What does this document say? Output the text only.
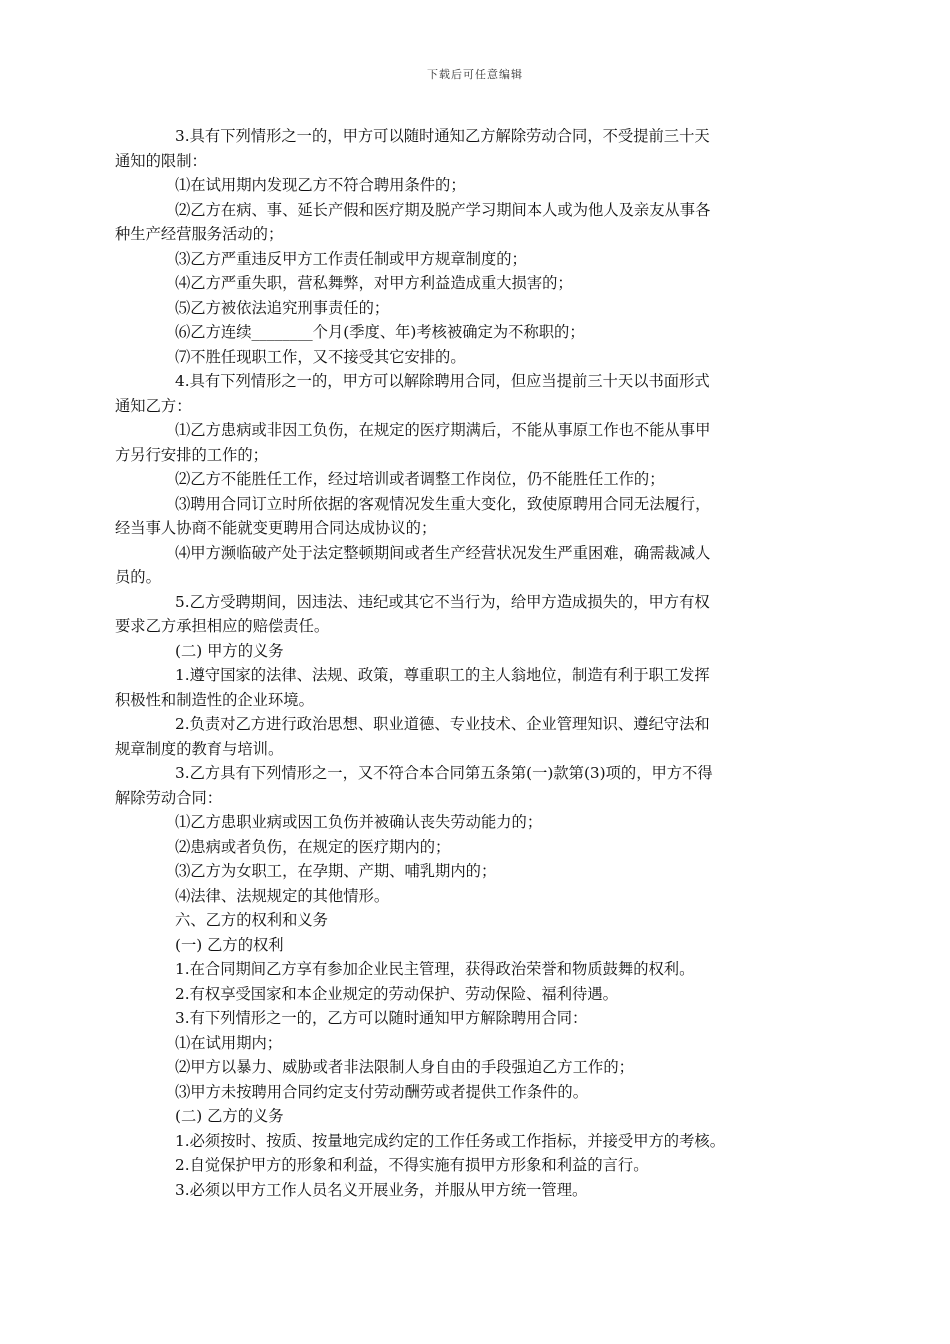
下载后可任意编辑

3.具有下列情形之一的，甲方可以随时通知乙方解除劳动合同，不受提前三十天
通知的限制：

⑴在试用期内发现乙方不符合聘用条件的；

⑵乙方在病、事、延长产假和医疗期及脱产学习期间本人或为他人及亲友从事各
种生产经营服务活动的；

⑶乙方严重违反甲方工作责任制或甲方规章制度的；

⑷乙方严重失职，营私舞弊，对甲方利益造成重大损害的；

⑸乙方被依法追究刑事责任的；

⑹乙方连续________个月(季度、年)考核被确定为不称职的；

⑺不胜任现职工作，又不接受其它安排的。

4.具有下列情形之一的，甲方可以解除聘用合同，但应当提前三十天以书面形式
通知乙方：

⑴乙方患病或非因工负伤，在规定的医疗期满后，不能从事原工作也不能从事甲
方另行安排的工作的；

⑵乙方不能胜任工作，经过培训或者调整工作岗位，仍不能胜任工作的；

⑶聘用合同订立时所依据的客观情况发生重大变化，致使原聘用合同无法履行，
经当事人协商不能就变更聘用合同达成协议的；

⑷甲方濒临破产处于法定整顿期间或者生产经营状况发生严重困难，确需裁减人
员的。

5.乙方受聘期间，因违法、违纪或其它不当行为，给甲方造成损失的，甲方有权
要求乙方承担相应的赔偿责任。

(二) 甲方的义务

1.遵守国家的法律、法规、政策，尊重职工的主人翁地位，制造有利于职工发挥
积极性和制造性的企业环境。

2.负责对乙方进行政治思想、职业道德、专业技术、企业管理知识、遵纪守法和
规章制度的教育与培训。

3.乙方具有下列情形之一，又不符合本合同第五条第(一)款第(3)项的，甲方不得
解除劳动合同：

⑴乙方患职业病或因工负伤并被确认丧失劳动能力的；

⑵患病或者负伤，在规定的医疗期内的；

⑶乙方为女职工，在孕期、产期、哺乳期内的；

⑷法律、法规规定的其他情形。

六、乙方的权利和义务

(一) 乙方的权利

1.在合同期间乙方享有参加企业民主管理，获得政治荣誉和物质鼓舞的权利。

2.有权享受国家和本企业规定的劳动保护、劳动保险、福利待遇。

3.有下列情形之一的，乙方可以随时通知甲方解除聘用合同：

⑴在试用期内；

⑵甲方以暴力、威胁或者非法限制人身自由的手段强迫乙方工作的；

⑶甲方未按聘用合同约定支付劳动酬劳或者提供工作条件的。

(二) 乙方的义务

1.必须按时、按质、按量地完成约定的工作任务或工作指标，并接受甲方的考核。

2.自觉保护甲方的形象和利益，不得实施有损甲方形象和利益的言行。

3.必须以甲方工作人员名义开展业务，并服从甲方统一管理。
